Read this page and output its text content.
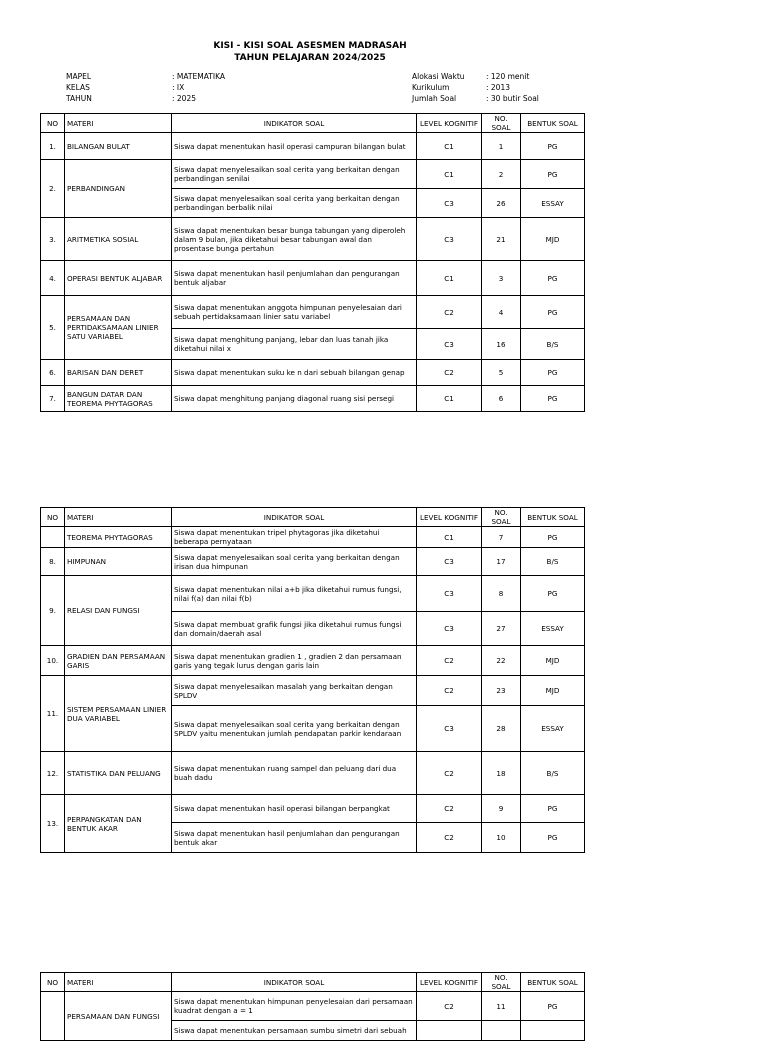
KISI - KISI SOAL ASESMEN MADRASAH
TAHUN PELAJARAN 2024/2025
MAPEL	: MATEMATIKA
KELAS	: IX
TAHUN	: 2025
Alokasi Waktu	: 120 menit
Kurikulum	: 2013
Jumlah Soal	: 30 butir Soal
NO	MATERI	INDIKATOR SOAL	LEVEL KOGNITIF	NO. SOAL	BENTUK SOAL
1.	BILANGAN BULAT	Siswa dapat menentukan hasil operasi campuran bilangan bulat	C1	1	PG
2.	PERBANDINGAN	Siswa dapat menyelesaikan soal cerita yang berkaitan dengan perbandingan senilai	C1	2	PG
		Siswa dapat menyelesaikan soal cerita yang berkaitan dengan perbandingan berbalik nilai	C3	26	ESSAY
3.	ARITMETIKA SOSIAL	Siswa dapat menentukan besar bunga tabungan yang diperoleh dalam 9 bulan, jika diketahui besar tabungan awal dan prosentase bunga pertahun	C3	21	MJD
4.	OPERASI BENTUK ALJABAR	Siswa dapat menentukan hasil penjumlahan dan pengurangan bentuk aljabar	C1	3	PG
5.	PERSAMAAN DAN PERTIDAKSAMAAN LINIER SATU VARIABEL	Siswa dapat menentukan anggota himpunan penyelesaian dari sebuah pertidaksamaan linier satu variabel	C2	4	PG
		Siswa dapat menghitung panjang, lebar dan luas tanah jika diketahui nilai x	C3	16	B/S
6.	BARISAN DAN DERET	Siswa dapat menentukan suku ke n dari sebuah bilangan genap	C2	5	PG
7.	BANGUN DATAR DAN TEOREMA PHYTAGORAS	Siswa dapat menghitung panjang diagonal ruang sisi persegi	C1	6	PG
NO	MATERI	INDIKATOR SOAL	LEVEL KOGNITIF	NO. SOAL	BENTUK SOAL
	TEOREMA PHYTAGORAS	Siswa dapat menentukan tripel phytagoras jika diketahui beberapa pernyataan	C1	7	PG
8.	HIMPUNAN	Siswa dapat menyelesaikan soal cerita yang berkaitan dengan irisan dua himpunan	C3	17	B/S
9.	RELASI DAN FUNGSI	Siswa dapat menentukan nilai a+b jika diketahui rumus fungsi, nilai f(a) dan nilai f(b)	C3	8	PG
		Siswa dapat membuat grafik fungsi jika diketahui rumus fungsi dan domain/daerah asal	C3	27	ESSAY
10.	GRADIEN DAN PERSAMAAN GARIS	Siswa dapat menentukan gradien 1 , gradien 2 dan persamaan garis yang tegak lurus dengan garis lain	C2	22	MJD
11.	SISTEM PERSAMAAN LINIER DUA VARIABEL	Siswa dapat menyelesaikan masalah yang berkaitan dengan SPLDV	C2	23	MJD
		Siswa dapat menyelesaikan soal cerita yang berkaitan dengan SPLDV yaitu menentukan jumlah pendapatan parkir kendaraan	C3	28	ESSAY
12.	STATISTIKA DAN PELUANG	Siswa dapat menentukan ruang sampel dan peluang dari dua buah dadu	C2	18	B/S
13.	PERPANGKATAN DAN BENTUK AKAR	Siswa dapat menentukan hasil operasi bilangan berpangkat	C2	9	PG
		Siswa dapat menentukan hasil penjumlahan dan pengurangan bentuk akar	C2	10	PG
NO	MATERI	INDIKATOR SOAL	LEVEL KOGNITIF	NO. SOAL	BENTUK SOAL
	PERSAMAAN DAN FUNGSI	Siswa dapat menentukan himpunan penyelesaian dari persamaan kuadrat dengan a = 1	C2	11	PG
		Siswa dapat menentukan persamaan sumbu simetri dari sebuah			
